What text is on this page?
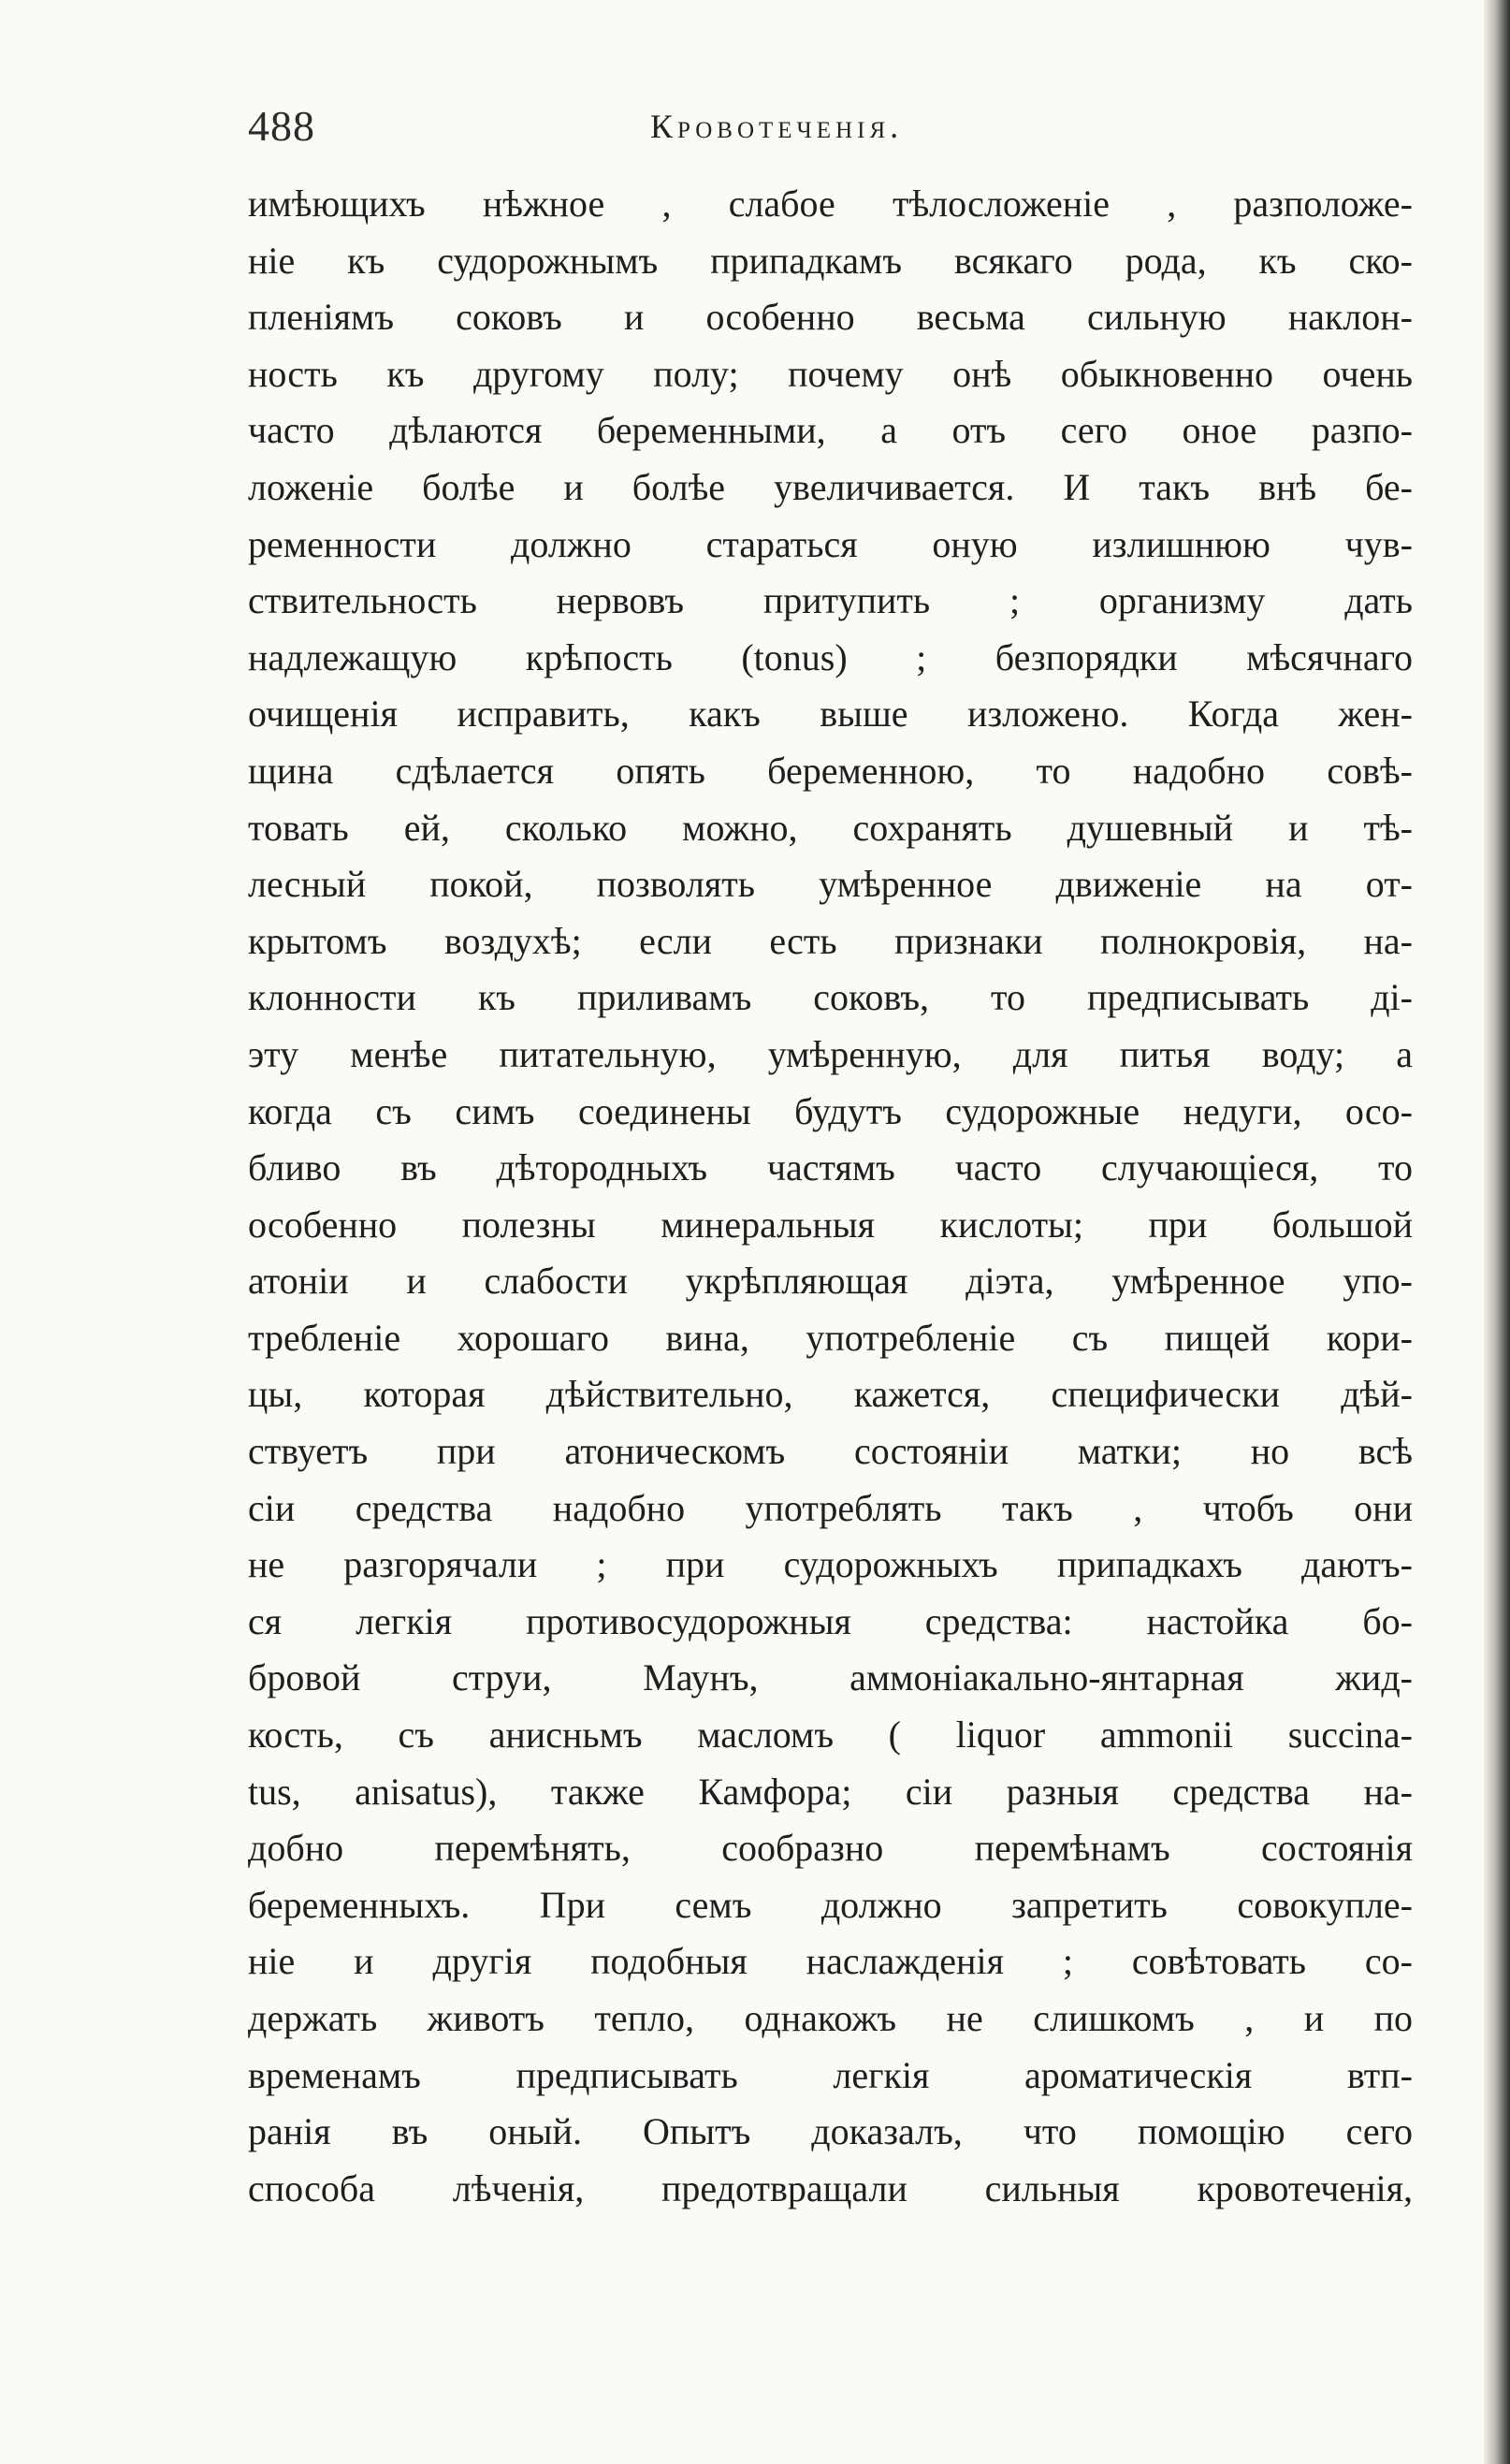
488	Кровотеченія.
имѣющихъ нѣжное , слабое тѣлосложеніе , разположе-
ніе къ судорожнымъ припадкамъ всякаго рода, къ ско-
пленіямъ соковъ и особенно весьма сильную наклон-
ность къ другому полу; почему онѣ обыкновенно очень
часто дѣлаются беременными, а отъ сего оное разпо-
ложеніе болѣе и болѣе увеличивается. И такъ внѣ бе-
ременности должно стараться оную излишнюю чув-
ствительность нервовъ притупить ; организму дать
надлежащую крѣпость (tonus) ; безпорядки мѣсячнаго
очищенія исправить, какъ выше изложено. Когда жен-
щина сдѣлается опять беременною, то надобно совѣ-
товать ей, сколько можно, сохранять душевный и тѣ-
лесный покой, позволять умѣренное движеніе на от-
крытомъ воздухѣ; если есть признаки полнокровія, на-
клонности къ приливамъ соковъ, то предписывать ді-
эту менѣе питательную, умѣренную, для питья воду; а
когда съ симъ соединены будутъ судорожные недуги, осо-
бливо въ дѣтородныхъ частямъ часто случающіеся, то
особенно полезны минеральныя кислоты; при большой
атоніи и слабости укрѣпляющая діэта, умѣренное упо-
требленіе хорошаго вина, употребленіе съ пищей кори-
цы, которая дѣйствительно, кажется, специфически дѣй-
ствуетъ при атоническомъ состояніи матки; но всѣ
сіи средства надобно употреблять такъ , чтобъ они
не разгорячали ; при судорожныхъ припадкахъ даютъ-
ся легкія противосудорожныя средства: настойка бо-
бровой струи, Маунъ, аммоніакально-янтарная жид-
кость, съ анисньмъ масломъ ( liquor ammonii succina-
tus, anisatus), также Камфора; сіи разныя средства на-
добно перемѣнять, сообразно перемѣнамъ состоянія
беременныхъ. При семъ должно запретить совокупле-
ніе и другія подобныя наслажденія ; совѣтовать со-
держать животъ тепло, однакожъ не слишкомъ , и по
временамъ предписывать легкія ароматическія втп-
ранія въ оный. Опытъ доказалъ, что помощію сего
способа лѣченія, предотвращали сильныя кровотеченія,
